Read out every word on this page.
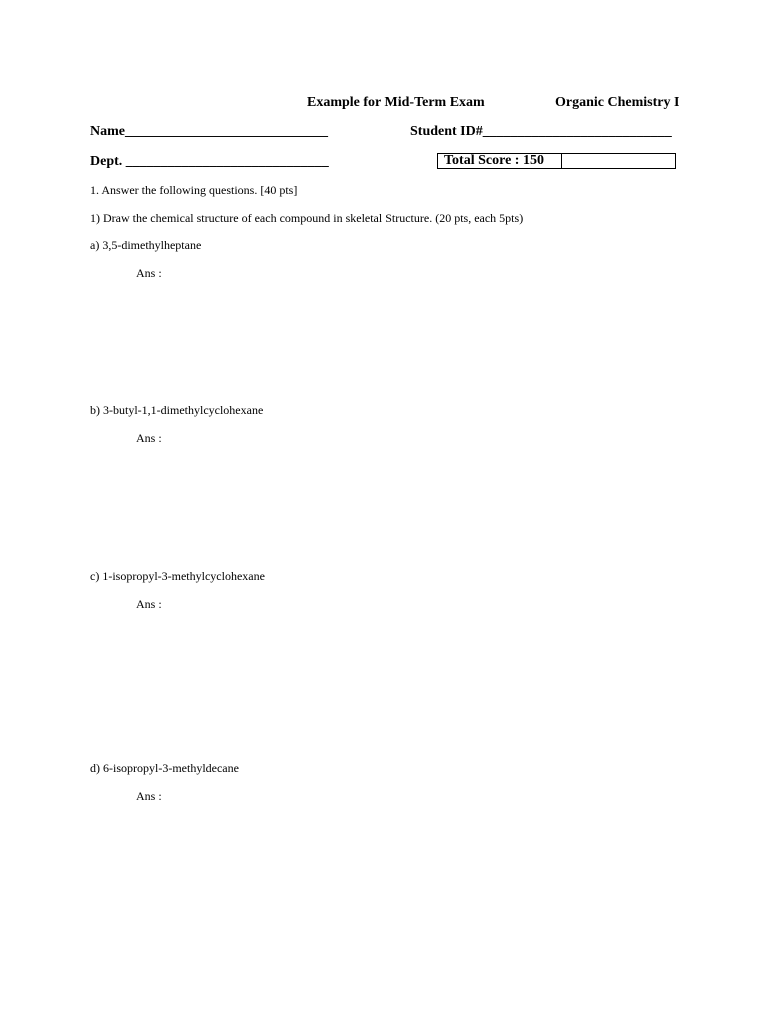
Example for Mid-Term Exam	Organic Chemistry I
Name_____________________________	Student ID#___________________________
Dept. _____________________________	Total Score : 150
1. Answer the following questions. [40 pts]
1) Draw the chemical structure of each compound in skeletal Structure. (20 pts, each 5pts)
a) 3,5-dimethylheptane
Ans :
b) 3-butyl-1,1-dimethylcyclohexane
Ans :
c) 1-isopropyl-3-methylcyclohexane
Ans :
d) 6-isopropyl-3-methyldecane
Ans :
